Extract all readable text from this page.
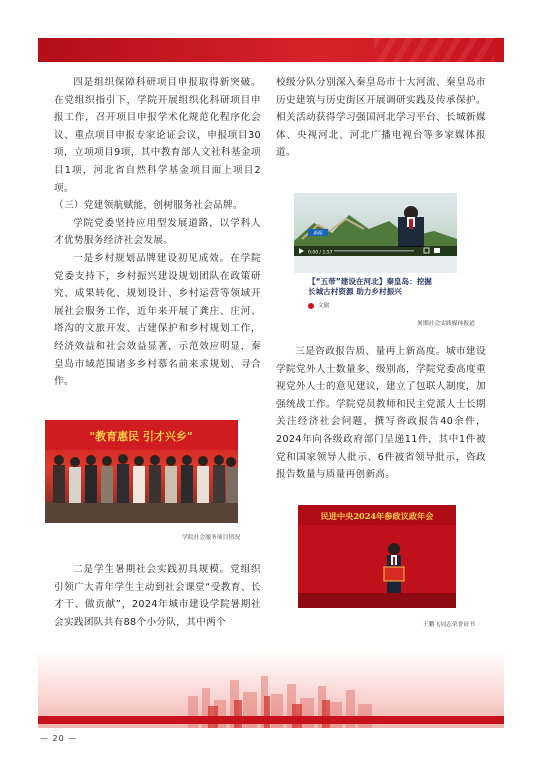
四是组织保障科研项目申报取得新突破。在党组织指引下，学院开展组织化科研项目申报工作，召开项目申报学术化规范化程序化会议、重点项目申报专家论证会议，申报项目30项，立项项目9项，其中教育部人文社科基金项目1项，河北省自然科学基金项目面上项目2项。

（三）党建领航赋能，创树服务社会品牌。

学院党委坚持应用型发展道路，以学科人才优势服务经济社会发展。

一是乡村规划品牌建设初见成效。在学院党委支持下，乡村振兴建设规划团队在政策研究、成果转化、规划设计、乡村运营等领域开展社会服务工作，近年来开展了龚庄、庄河、塔沟的文旅开发、古建保护和乡村规划工作，经济效益和社会效益显著，示范效应明显，秦皇岛市域范围诸多乡村慕名前来求规划、寻合作。

"教育惠民 引才兴乡"
学院社会服务项目情况

二是学生暑期社会实践初具规模。党组织引领广大青年学生主动到社会课堂“受教育、长才干、做贡献”，2024年城市建设学院暑期社会实践团队共有88个小分队，其中两个

校级分队分别深入秦皇岛市十大河流、秦皇岛市历史建筑与历史街区开展调研实践及传承保护。相关活动获得学习强国河北学习平台、长城新媒体、央视河北、河北广播电视台等多家媒体报道。

0:00 / 1:57
新闻
【“五带”建设在河北】秦皇岛：挖掘
长城古村资源 助力乡村振兴
文旅
暑期社会实践媒体报道

三是咨政报告质、量再上新高度。城市建设学院党外人士数量多、级别高，学院党委高度重视党外人士的意见建议，建立了包联人制度，加强统战工作。学院党员教师和民主党派人士长期关注经济社会问题，撰写咨政报告40余件，2024年向各级政府部门呈递11件，其中1件被党和国家领导人批示、6件被省领导批示，咨政报告数量与质量再创新高。

民进中央2024年参政议政年会
王鹏飞同志荣誉证书
— 20 —
